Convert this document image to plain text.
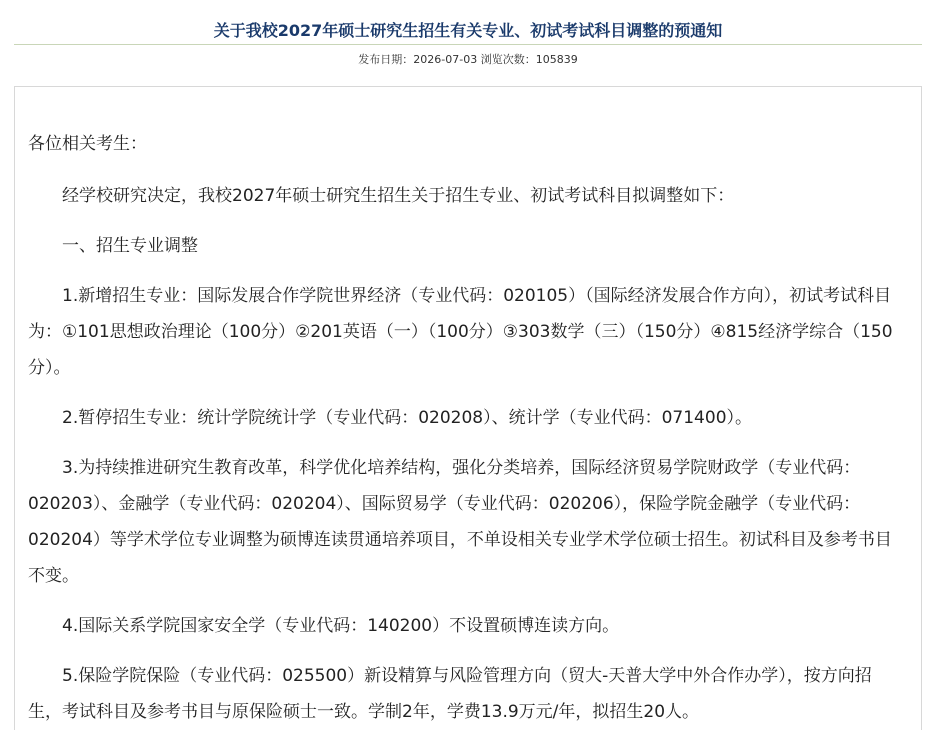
关于我校2027年硕士研究生招生有关专业、初试考试科目调整的预通知
发布日期：2026-07-03 浏览次数：105839

各位相关考生：

经学校研究决定，我校2027年硕士研究生招生关于招生专业、初试考试科目拟调整如下：

一、招生专业调整

1.新增招生专业：国际发展合作学院世界经济（专业代码：020105）（国际经济发展合作方向），初试考试科目为：①101思想政治理论（100分）②201英语（一）（100分）③303数学（三）（150分）④815经济学综合（150分）。

2.暂停招生专业：统计学院统计学（专业代码：020208）、统计学（专业代码：071400）。

3.为持续推进研究生教育改革，科学优化培养结构，强化分类培养，国际经济贸易学院财政学（专业代码：020203）、金融学（专业代码：020204）、国际贸易学（专业代码：020206），保险学院金融学（专业代码：020204）等学术学位专业调整为硕博连读贯通培养项目，不单设相关专业学术学位硕士招生。初试科目及参考书目不变。

4.国际关系学院国家安全学（专业代码：140200）不设置硕博连读方向。

5.保险学院保险（专业代码：025500）新设精算与风险管理方向（贸大-天普大学中外合作办学），按方向招生，考试科目及参考书目与原保险硕士一致。学制2年，学费13.9万元/年，拟招生20人。
